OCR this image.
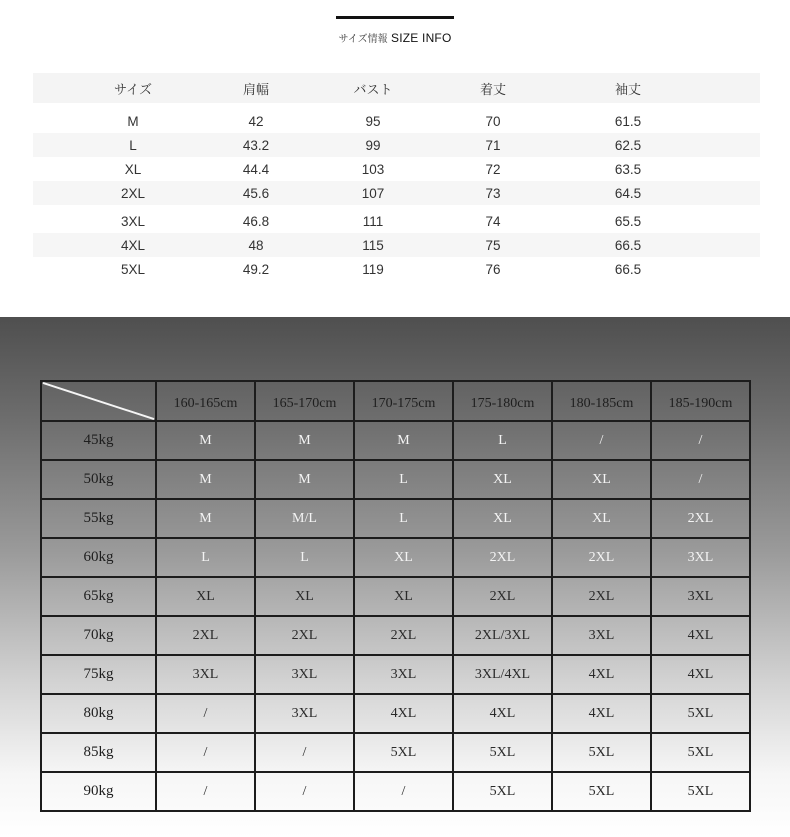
サイズ情報 SIZE INFO
サイズ	肩幅	バスト	着丈	袖丈
M	42	95	70	61.5
L	43.2	99	71	62.5
XL	44.4	103	72	63.5
2XL	45.6	107	73	64.5
3XL	46.8	111	74	65.5
4XL	48	115	75	66.5
5XL	49.2	119	76	66.5
	160-165cm	165-170cm	170-175cm	175-180cm	180-185cm	185-190cm
45kg	M	M	M	L	/	/
50kg	M	M	L	XL	XL	/
55kg	M	M/L	L	XL	XL	2XL
60kg	L	L	XL	2XL	2XL	3XL
65kg	XL	XL	XL	2XL	2XL	3XL
70kg	2XL	2XL	2XL	2XL/3XL	3XL	4XL
75kg	3XL	3XL	3XL	3XL/4XL	4XL	4XL
80kg	/	3XL	4XL	4XL	4XL	5XL
85kg	/	/	5XL	5XL	5XL	5XL
90kg	/	/	/	5XL	5XL	5XL
